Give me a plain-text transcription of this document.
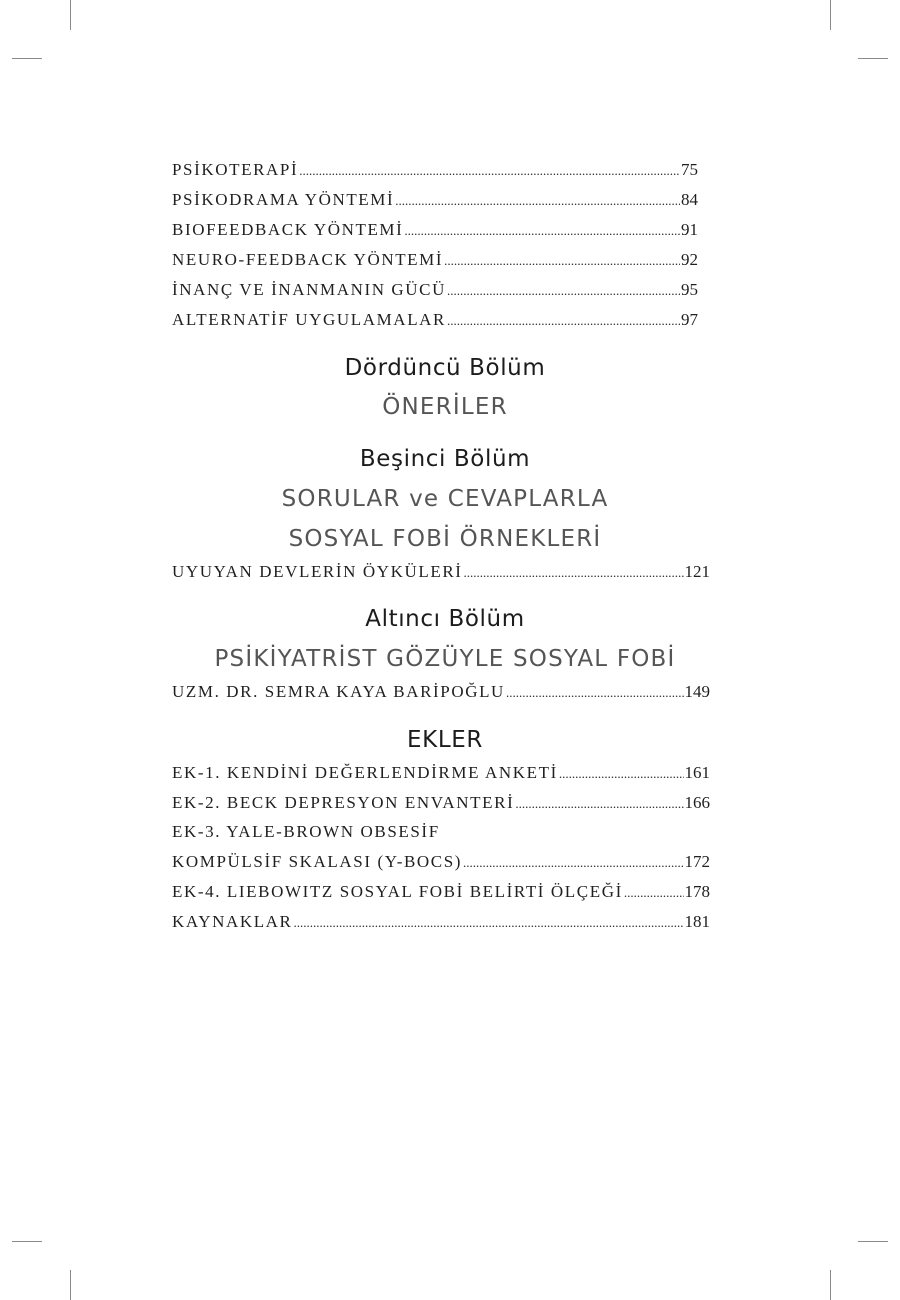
PSİKOTERAPİ .....	75
PSİKODRAMA YÖNTEMİ .....	84
BIOFEEDBACK YÖNTEMİ .....	91
NEURO-FEEDBACK YÖNTEMİ .....	92
İNANÇ VE İNANMANIN GÜCÜ .....	95
ALTERNATİF UYGULAMALAR .....	97
Dördüncü Bölüm
ÖNERİLER
Beşinci Bölüm
SORULAR ve CEVAPLARLA
SOSYAL FOBİ ÖRNEKLERİ
UYUYAN DEVLERİN ÖYKÜLERİ .....	121
Altıncı Bölüm
PSİKİYATRİST GÖZÜYLE SOSYAL FOBİ
UZM. DR. SEMRA KAYA BARİPOĞLU .....	149
EKLER
EK-1. KENDİNİ DEĞERLENDİRME ANKETİ .....	161
EK-2. BECK DEPRESYON ENVANTERİ .....	166
EK-3. YALE-BROWN OBSESİF
KOMPÜLSİF SKALASI (Y-BOCS) .....	172
EK-4. LIEBOWITZ SOSYAL FOBİ BELİRTİ ÖLÇEĞİ .....	178
KAYNAKLAR .....	181
